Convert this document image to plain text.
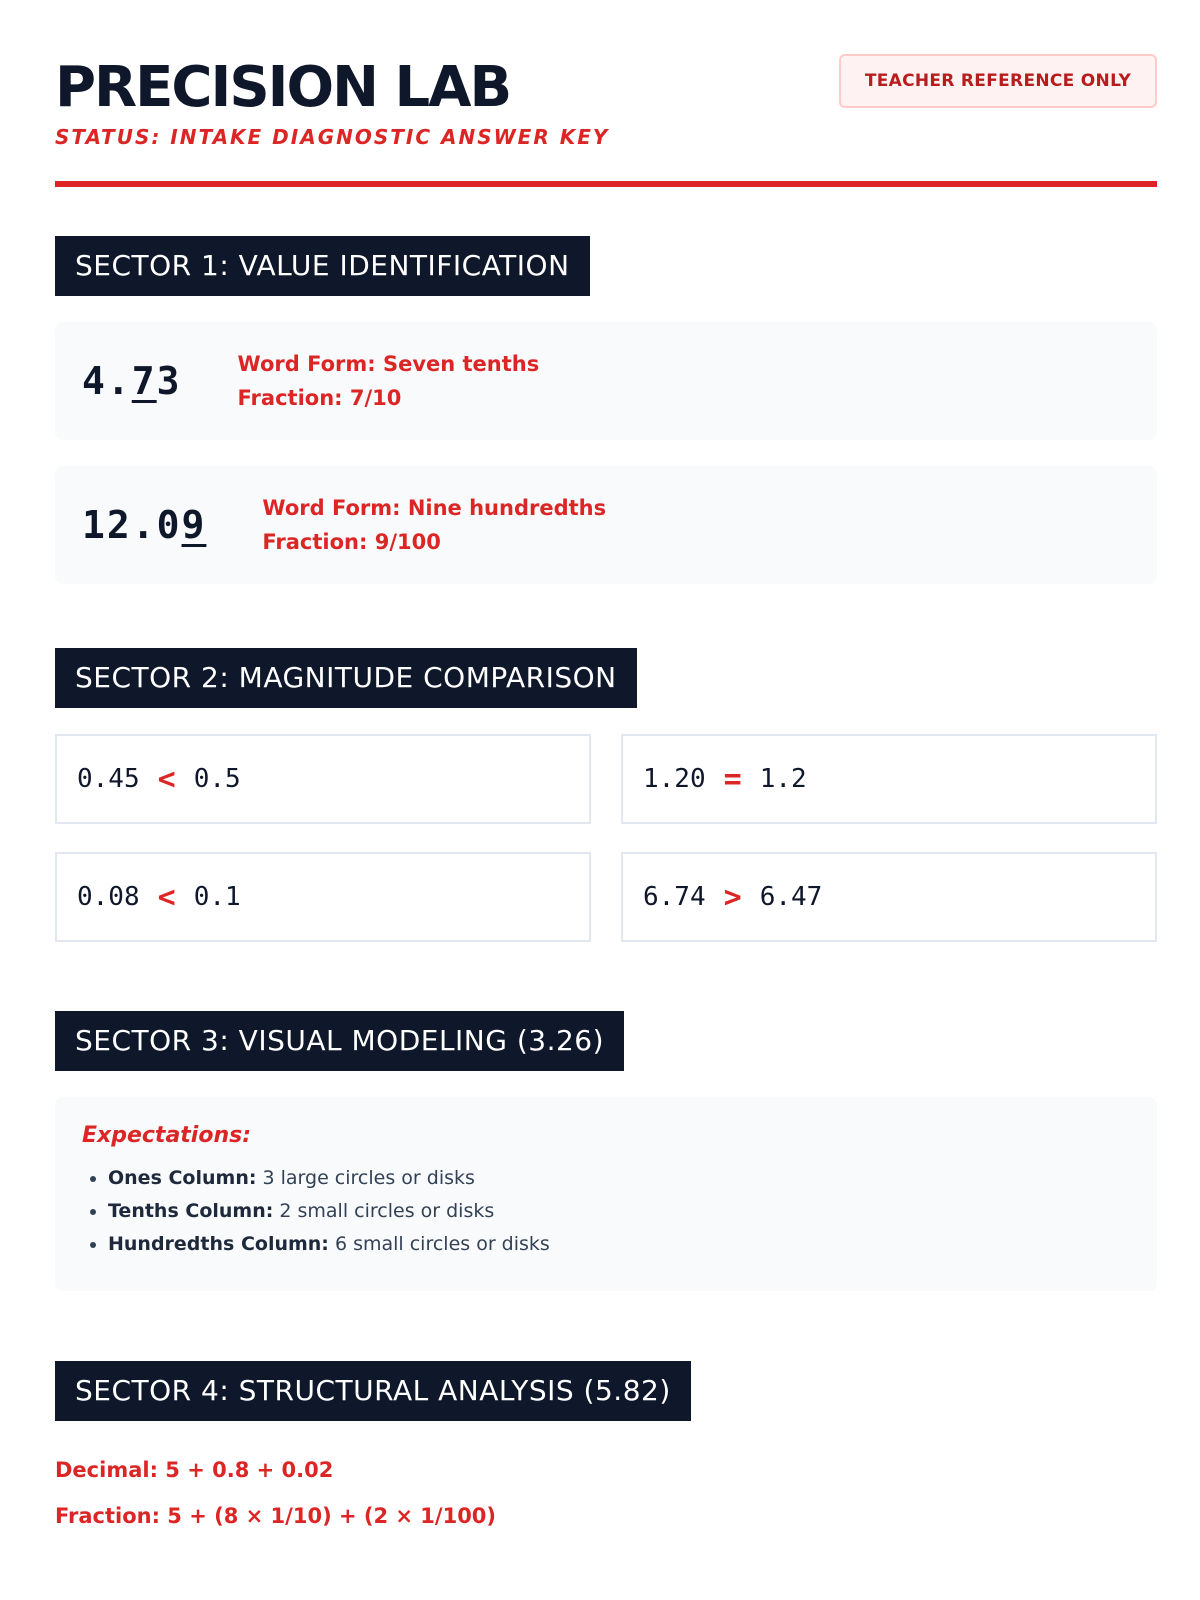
PRECISION LAB
STATUS: INTAKE DIAGNOSTIC ANSWER KEY
TEACHER REFERENCE ONLY
SECTOR 1: VALUE IDENTIFICATION
4.73	Word Form: Seven tenths
Fraction: 7/10
12.09	Word Form: Nine hundredths
Fraction: 9/100
SECTOR 2: MAGNITUDE COMPARISON
0.45 < 0.5	1.20 = 1.2
0.08 < 0.1	6.74 > 6.47
SECTOR 3: VISUAL MODELING (3.26)
Expectations:
• Ones Column: 3 large circles or disks
• Tenths Column: 2 small circles or disks
• Hundredths Column: 6 small circles or disks
SECTOR 4: STRUCTURAL ANALYSIS (5.82)
Decimal: 5 + 0.8 + 0.02
Fraction: 5 + (8 × 1/10) + (2 × 1/100)
